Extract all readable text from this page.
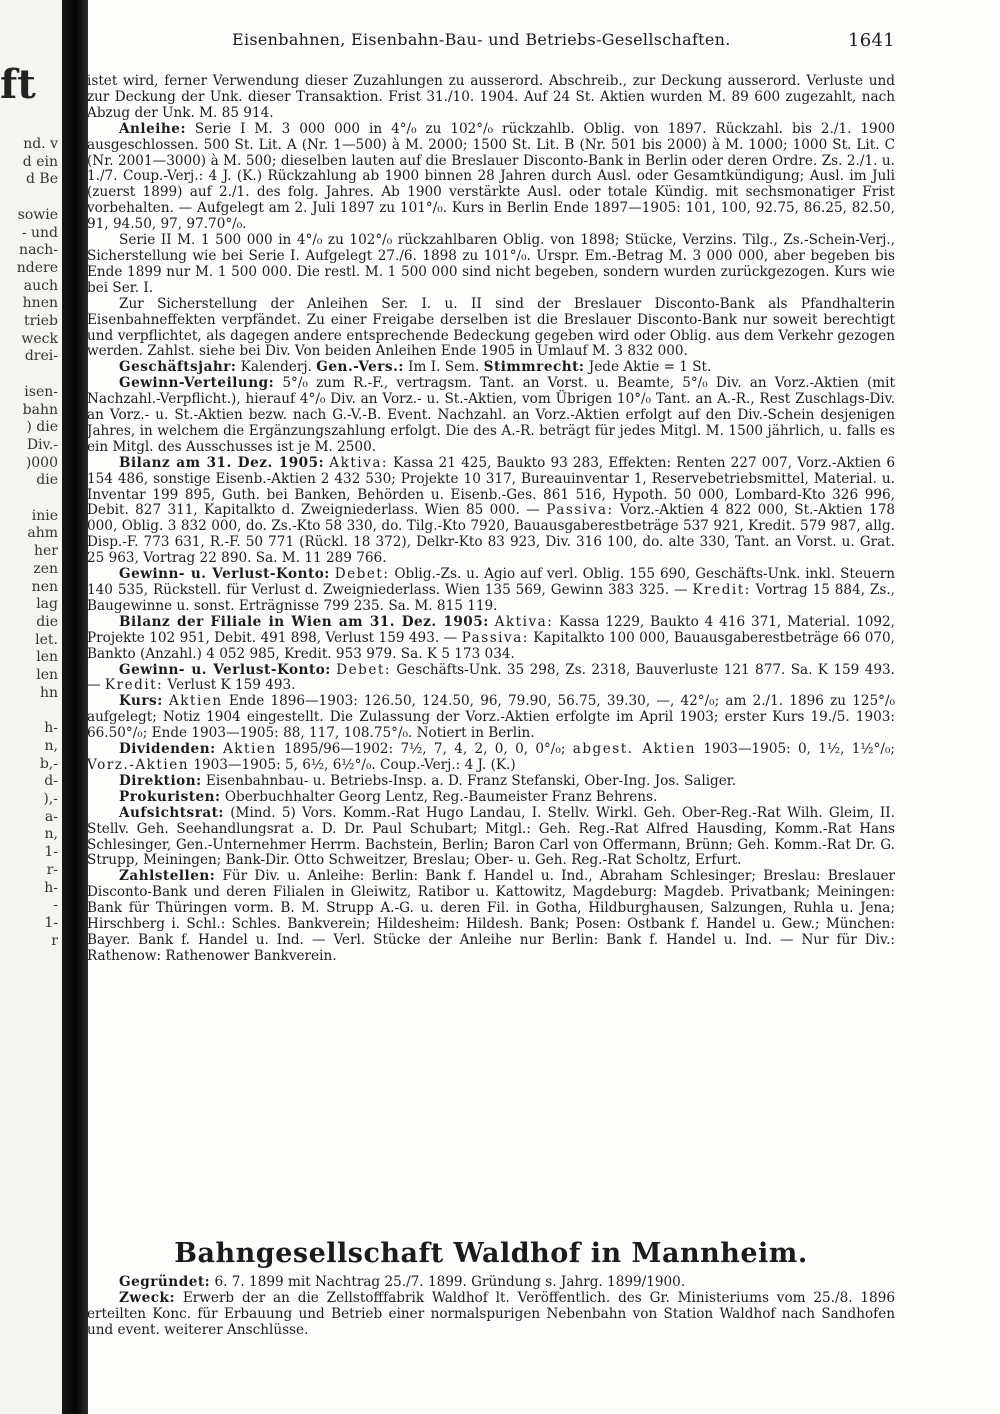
ft
nd. v
d ein
d Be

sowie
- und
nach-
ndere
auch
hnen
trieb
weck
drei-

isen-
bahn
) die
Div.-
)000
die

inie
ahm
her
zen
nen
lag
die
let.
len
len
hn

h-
n,
b,-
d-
),-
a-
n,
1-
r-
h-
-
1-
r

Eisenbahnen, Eisenbahn-Bau- und Betriebs-Gesellschaften.	1641

istet wird, ferner Verwendung dieser Zuzahlungen zu ausserord. Abschreib., zur Deckung ausserord. Verluste und zur Deckung der Unk. dieser Transaktion. Frist 31./10. 1904. Auf 24 St. Aktien wurden M. 89 600 zugezahlt, nach Abzug der Unk. M. 85 914.

Anleihe: Serie I M. 3 000 000 in 4°/₀ zu 102°/₀ rückzahlb. Oblig. von 1897. Rückzahl. bis 2./1. 1900 ausgeschlossen. 500 St. Lit. A (Nr. 1—500) à M. 2000; 1500 St. Lit. B (Nr. 501 bis 2000) à M. 1000; 1000 St. Lit. C (Nr. 2001—3000) à M. 500; dieselben lauten auf die Breslauer Disconto-Bank in Berlin oder deren Ordre. Zs. 2./1. u. 1./7. Coup.-Verj.: 4 J. (K.) Rückzahlung ab 1900 binnen 28 Jahren durch Ausl. oder Gesamtkündigung; Ausl. im Juli (zuerst 1899) auf 2./1. des folg. Jahres. Ab 1900 verstärkte Ausl. oder totale Kündig. mit sechsmonatiger Frist vorbehalten. — Aufgelegt am 2. Juli 1897 zu 101°/₀. Kurs in Berlin Ende 1897—1905: 101, 100, 92.75, 86.25, 82.50, 91, 94.50, 97, 97.70°/₀.

Serie II M. 1 500 000 in 4°/₀ zu 102°/₀ rückzahlbaren Oblig. von 1898; Stücke, Verzins. Tilg., Zs.-Schein-Verj., Sicherstellung wie bei Serie I. Aufgelegt 27./6. 1898 zu 101°/₀. Urspr. Em.-Betrag M. 3 000 000, aber begeben bis Ende 1899 nur M. 1 500 000. Die restl. M. 1 500 000 sind nicht begeben, sondern wurden zurückgezogen. Kurs wie bei Ser. I.

Zur Sicherstellung der Anleihen Ser. I. u. II sind der Breslauer Disconto-Bank als Pfandhalterin Eisenbahneffekten verpfändet. Zu einer Freigabe derselben ist die Breslauer Disconto-Bank nur soweit berechtigt und verpflichtet, als dagegen andere entsprechende Bedeckung gegeben wird oder Oblig. aus dem Verkehr gezogen werden. Zahlst. siehe bei Div. Von beiden Anleihen Ende 1905 in Umlauf M. 3 832 000.

Geschäftsjahr: Kalenderj. Gen.-Vers.: Im I. Sem. Stimmrecht: Jede Aktie = 1 St.

Gewinn-Verteilung: 5°/₀ zum R.-F., vertragsm. Tant. an Vorst. u. Beamte, 5°/₀ Div. an Vorz.-Aktien (mit Nachzahl.-Verpflicht.), hierauf 4°/₀ Div. an Vorz.- u. St.-Aktien, vom Übrigen 10°/₀ Tant. an A.-R., Rest Zuschlags-Div. an Vorz.- u. St.-Aktien bezw. nach G.-V.-B. Event. Nachzahl. an Vorz.-Aktien erfolgt auf den Div.-Schein desjenigen Jahres, in welchem die Ergänzungszahlung erfolgt. Die des A.-R. beträgt für jedes Mitgl. M. 1500 jährlich, u. falls es ein Mitgl. des Ausschusses ist je M. 2500.

Bilanz am 31. Dez. 1905: Aktiva: Kassa 21 425, Baukto 93 283, Effekten: Renten 227 007, Vorz.-Aktien 6 154 486, sonstige Eisenb.-Aktien 2 432 530; Projekte 10 317, Bureauinventar 1, Reservebetriebsmittel, Material. u. Inventar 199 895, Guth. bei Banken, Behörden u. Eisenb.-Ges. 861 516, Hypoth. 50 000, Lombard-Kto 326 996, Debit. 827 311, Kapitalkto d. Zweigniederlass. Wien 85 000. — Passiva: Vorz.-Aktien 4 822 000, St.-Aktien 178 000, Oblig. 3 832 000, do. Zs.-Kto 58 330, do. Tilg.-Kto 7920, Bauausgaberestbeträge 537 921, Kredit. 579 987, allg. Disp.-F. 773 631, R.-F. 50 771 (Rückl. 18 372), Delkr-Kto 83 923, Div. 316 100, do. alte 330, Tant. an Vorst. u. Grat. 25 963, Vortrag 22 890. Sa. M. 11 289 766.

Gewinn- u. Verlust-Konto: Debet: Oblig.-Zs. u. Agio auf verl. Oblig. 155 690, Geschäfts-Unk. inkl. Steuern 140 535, Rückstell. für Verlust d. Zweigniederlass. Wien 135 569, Gewinn 383 325. — Kredit: Vortrag 15 884, Zs., Baugewinne u. sonst. Erträgnisse 799 235. Sa. M. 815 119.

Bilanz der Filiale in Wien am 31. Dez. 1905: Aktiva: Kassa 1229, Baukto 4 416 371, Material. 1092, Projekte 102 951, Debit. 491 898, Verlust 159 493. — Passiva: Kapitalkto 100 000, Bauausgaberestbeträge 66 070, Bankto (Anzahl.) 4 052 985, Kredit. 953 979. Sa. K 5 173 034.

Gewinn- u. Verlust-Konto: Debet: Geschäfts-Unk. 35 298, Zs. 2318, Bauverluste 121 877. Sa. K 159 493. — Kredit: Verlust K 159 493.

Kurs: Aktien Ende 1896—1903: 126.50, 124.50, 96, 79.90, 56.75, 39.30, —, 42°/₀; am 2./1. 1896 zu 125°/₀ aufgelegt; Notiz 1904 eingestellt. Die Zulassung der Vorz.-Aktien erfolgte im April 1903; erster Kurs 19./5. 1903: 66.50°/₀; Ende 1903—1905: 88, 117, 108.75°/₀. Notiert in Berlin.

Dividenden: Aktien 1895/96—1902: 7½, 7, 4, 2, 0, 0, 0°/₀; abgest. Aktien 1903—1905: 0, 1½, 1½°/₀; Vorz.-Aktien 1903—1905: 5, 6½, 6½°/₀. Coup.-Verj.: 4 J. (K.)

Direktion: Eisenbahnbau- u. Betriebs-Insp. a. D. Franz Stefanski, Ober-Ing. Jos. Saliger.

Prokuristen: Oberbuchhalter Georg Lentz, Reg.-Baumeister Franz Behrens.

Aufsichtsrat: (Mind. 5) Vors. Komm.-Rat Hugo Landau, I. Stellv. Wirkl. Geh. Ober-Reg.-Rat Wilh. Gleim, II. Stellv. Geh. Seehandlungsrat a. D. Dr. Paul Schubart; Mitgl.: Geh. Reg.-Rat Alfred Hausding, Komm.-Rat Hans Schlesinger, Gen.-Unternehmer Herrm. Bachstein, Berlin; Baron Carl von Offermann, Brünn; Geh. Komm.-Rat Dr. G. Strupp, Meiningen; Bank-Dir. Otto Schweitzer, Breslau; Ober- u. Geh. Reg.-Rat Scholtz, Erfurt.

Zahlstellen: Für Div. u. Anleihe: Berlin: Bank f. Handel u. Ind., Abraham Schlesinger; Breslau: Breslauer Disconto-Bank und deren Filialen in Gleiwitz, Ratibor u. Kattowitz, Magdeburg: Magdeb. Privatbank; Meiningen: Bank für Thüringen vorm. B. M. Strupp A.-G. u. deren Fil. in Gotha, Hildburghausen, Salzungen, Ruhla u. Jena; Hirschberg i. Schl.: Schles. Bankverein; Hildesheim: Hildesh. Bank; Posen: Ostbank f. Handel u. Gew.; München: Bayer. Bank f. Handel u. Ind. — Verl. Stücke der Anleihe nur Berlin: Bank f. Handel u. Ind. — Nur für Div.: Rathenow: Rathenower Bankverein.

Bahngesellschaft Waldhof in Mannheim.

Gegründet: 6. 7. 1899 mit Nachtrag 25./7. 1899. Gründung s. Jahrg. 1899/1900.

Zweck: Erwerb der an die Zellstofffabrik Waldhof lt. Veröffentlich. des Gr. Ministeriums vom 25./8. 1896 erteilten Konc. für Erbauung und Betrieb einer normalspurigen Nebenbahn von Station Waldhof nach Sandhofen und event. weiterer Anschlüsse.
